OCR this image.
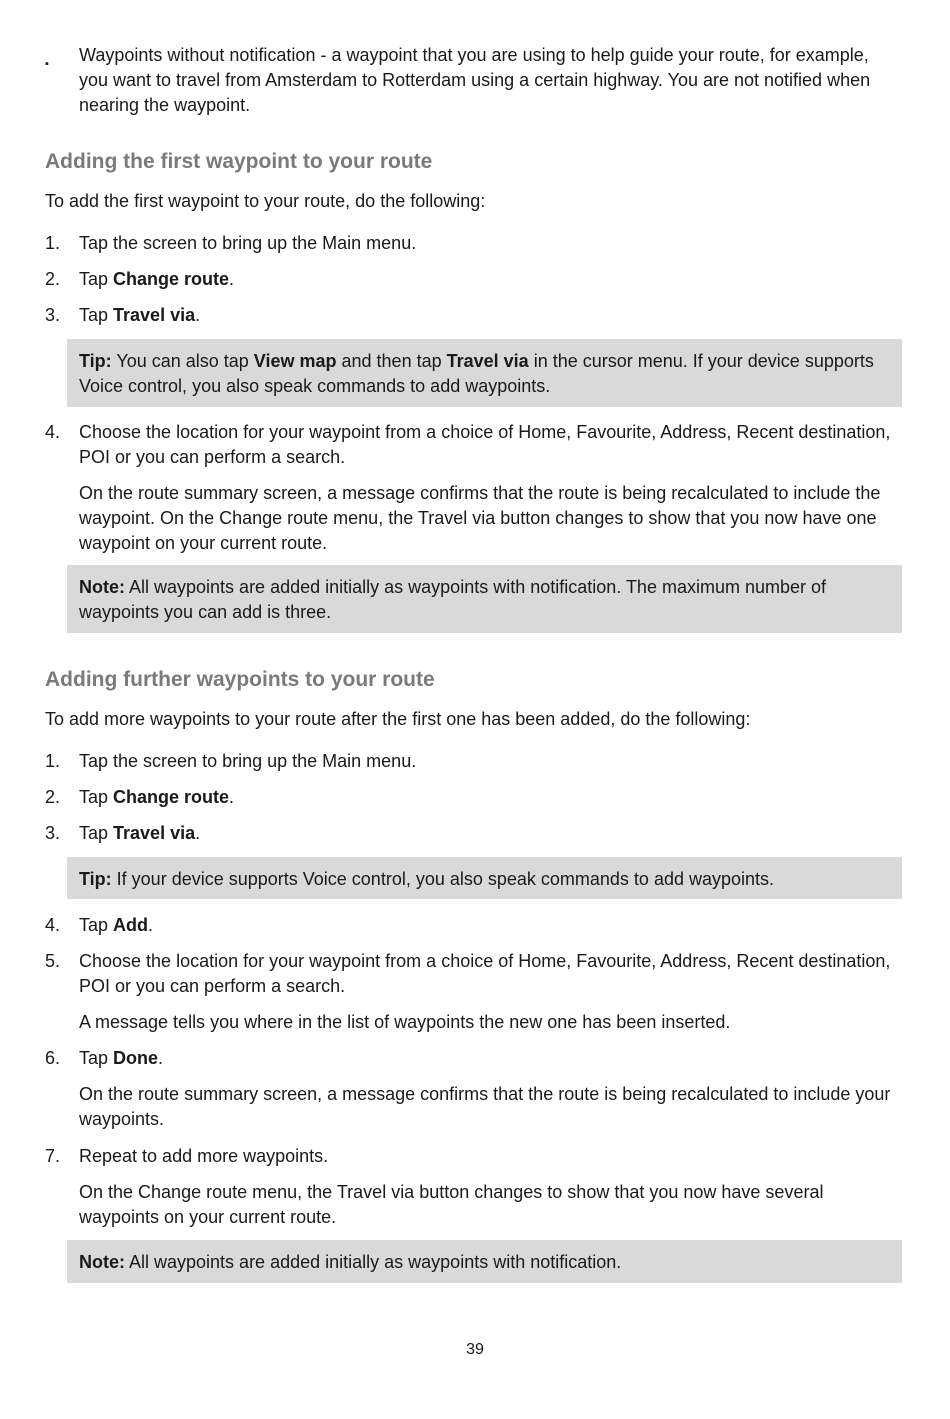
▪ Waypoints without notification - a waypoint that you are using to help guide your route, for example, you want to travel from Amsterdam to Rotterdam using a certain highway. You are not notified when nearing the waypoint.
Adding the first waypoint to your route
To add the first waypoint to your route, do the following:
1.	Tap the screen to bring up the Main menu.
2.	Tap Change route.
3.	Tap Travel via.
Tip: You can also tap View map and then tap Travel via in the cursor menu. If your device supports Voice control, you also speak commands to add waypoints.
4.	Choose the location for your waypoint from a choice of Home, Favourite, Address, Recent destination, POI or you can perform a search.
On the route summary screen, a message confirms that the route is being recalculated to include the waypoint. On the Change route menu, the Travel via button changes to show that you now have one waypoint on your current route.
Note: All waypoints are added initially as waypoints with notification. The maximum number of waypoints you can add is three.
Adding further waypoints to your route
To add more waypoints to your route after the first one has been added, do the following:
1.	Tap the screen to bring up the Main menu.
2.	Tap Change route.
3.	Tap Travel via.
Tip: If your device supports Voice control, you also speak commands to add waypoints.
4.	Tap Add.
5.	Choose the location for your waypoint from a choice of Home, Favourite, Address, Recent destination, POI or you can perform a search.
A message tells you where in the list of waypoints the new one has been inserted.
6.	Tap Done.
On the route summary screen, a message confirms that the route is being recalculated to include your waypoints.
7.	Repeat to add more waypoints.
On the Change route menu, the Travel via button changes to show that you now have several waypoints on your current route.
Note: All waypoints are added initially as waypoints with notification.
39
